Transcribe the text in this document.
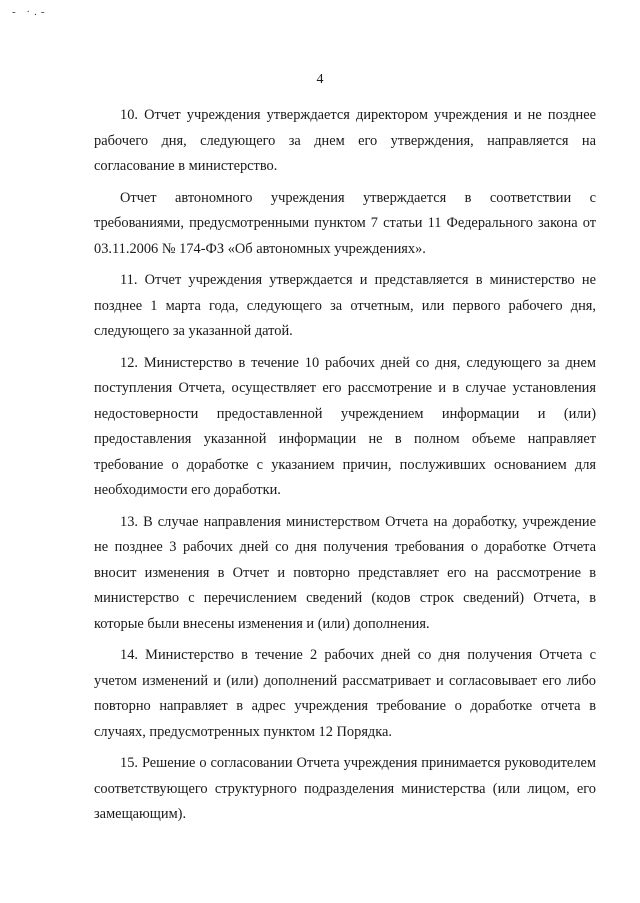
- ·.-
4

10. Отчет учреждения утверждается директором учреждения и не позднее рабочего дня, следующего за днем его утверждения, направляется на согласование в министерство.

Отчет автономного учреждения утверждается в соответствии с требованиями, предусмотренными пунктом 7 статьи 11 Федерального закона от 03.11.2006 № 174-ФЗ «Об автономных учреждениях».

11. Отчет учреждения утверждается и представляется в министерство не позднее 1 марта года, следующего за отчетным, или первого рабочего дня, следующего за указанной датой.

12. Министерство в течение 10 рабочих дней со дня, следующего за днем поступления Отчета, осуществляет его рассмотрение и в случае установления недостоверности предоставленной учреждением информации и (или) предоставления указанной информации не в полном объеме направляет требование о доработке с указанием причин, послуживших основанием для необходимости его доработки.

13. В случае направления министерством Отчета на доработку, учреждение не позднее 3 рабочих дней со дня получения требования о доработке Отчета вносит изменения в Отчет и повторно представляет его на рассмотрение в министерство с перечислением сведений (кодов строк сведений) Отчета, в которые были внесены изменения и (или) дополнения.

14. Министерство в течение 2 рабочих дней со дня получения Отчета с учетом изменений и (или) дополнений рассматривает и согласовывает его либо повторно направляет в адрес учреждения требование о доработке отчета в случаях, предусмотренных пунктом 12 Порядка.

15. Решение о согласовании Отчета учреждения принимается руководителем соответствующего структурного подразделения министерства (или лицом, его замещающим).
